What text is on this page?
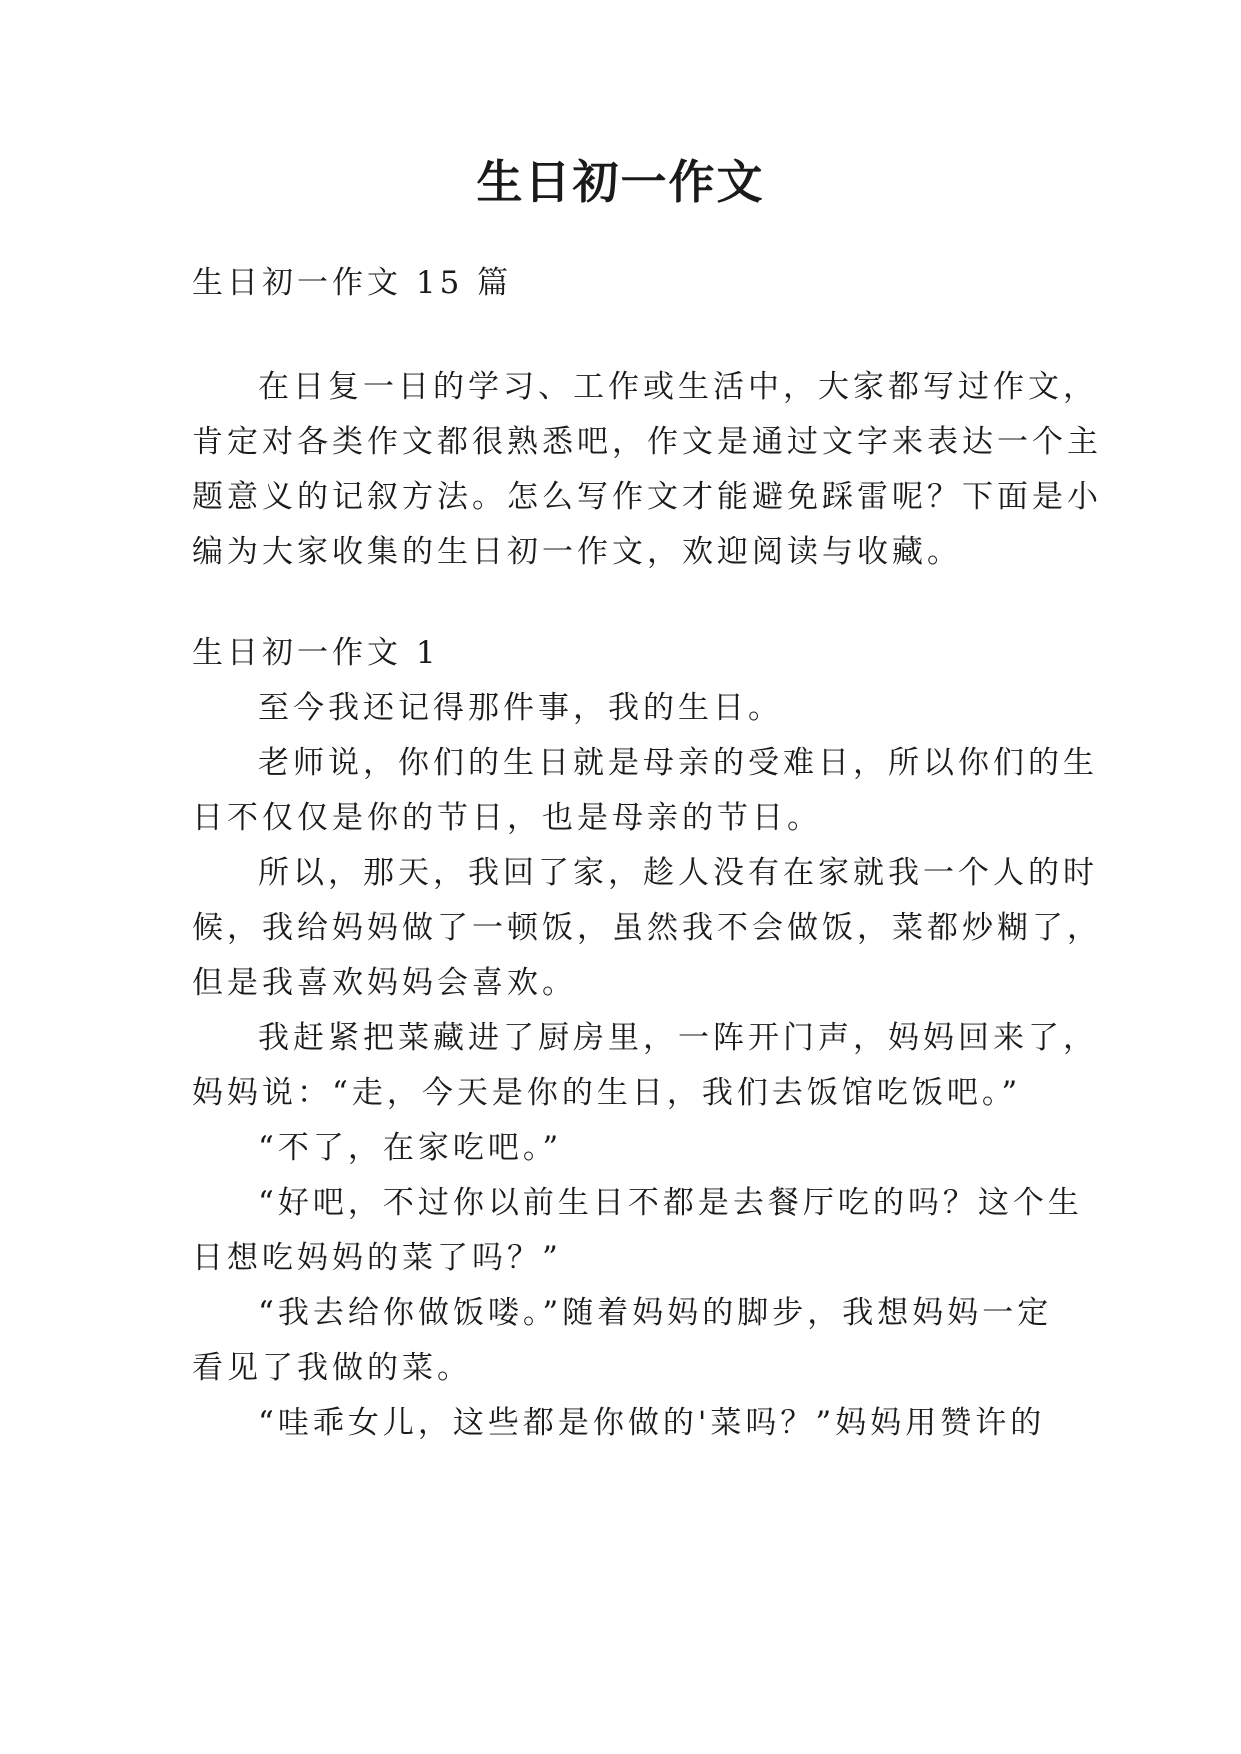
生日初一作文

生日初一作文 15 篇

在日复一日的学习、工作或生活中，大家都写过作文，

肯定对各类作文都很熟悉吧，作文是通过文字来表达一个主

题意义的记叙方法。怎么写作文才能避免踩雷呢？下面是小

编为大家收集的生日初一作文，欢迎阅读与收藏。

生日初一作文 1

至今我还记得那件事，我的生日。

老师说，你们的生日就是母亲的受难日，所以你们的生

日不仅仅是你的节日，也是母亲的节日。

所以，那天，我回了家，趁人没有在家就我一个人的时

候，我给妈妈做了一顿饭，虽然我不会做饭，菜都炒糊了，

但是我喜欢妈妈会喜欢。

我赶紧把菜藏进了厨房里，一阵开门声，妈妈回来了，

妈妈说：“走，今天是你的生日，我们去饭馆吃饭吧。”

“不了，在家吃吧。”

“好吧，不过你以前生日不都是去餐厅吃的吗？这个生

日想吃妈妈的菜了吗？”

“我去给你做饭喽。”随着妈妈的脚步，我想妈妈一定

看见了我做的菜。

“哇乖女儿，这些都是你做的'菜吗？”妈妈用赞许的
